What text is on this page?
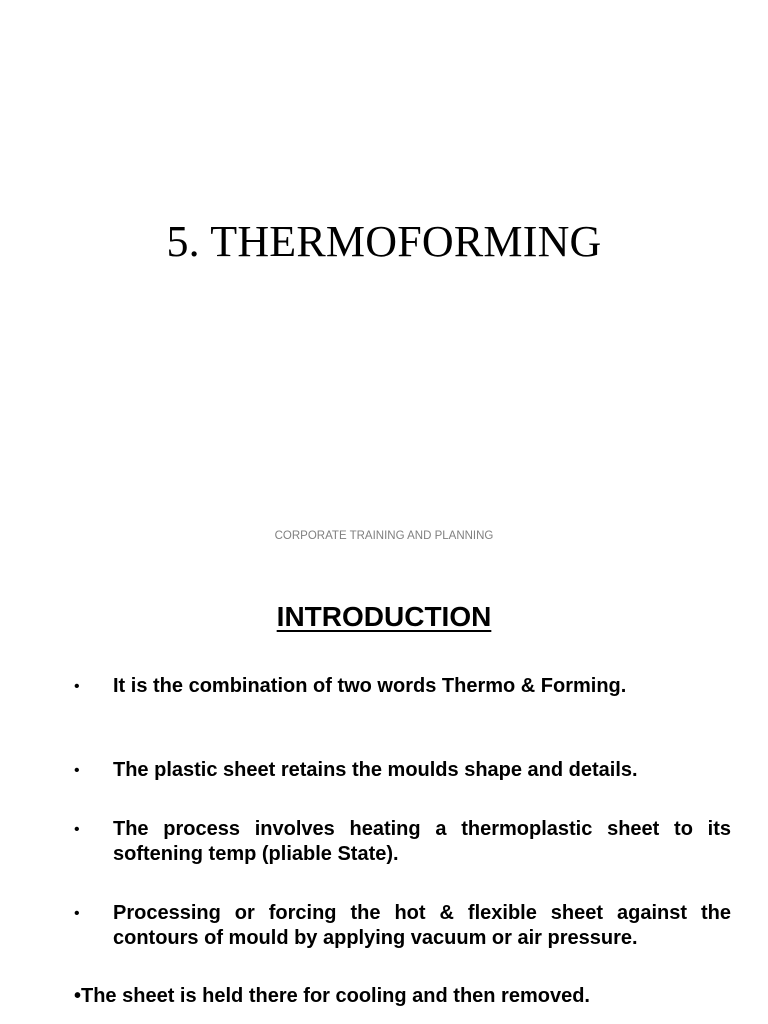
5. THERMOFORMING
CORPORATE TRAINING AND PLANNING
INTRODUCTION
• It is the combination of two words Thermo & Forming.
• The plastic sheet retains the moulds shape and details.
• The process involves heating a thermoplastic sheet to its softening temp (pliable State).
• Processing or forcing the hot & flexible sheet against the contours of mould by applying vacuum or air pressure.
•The sheet is held there for cooling and then removed.
